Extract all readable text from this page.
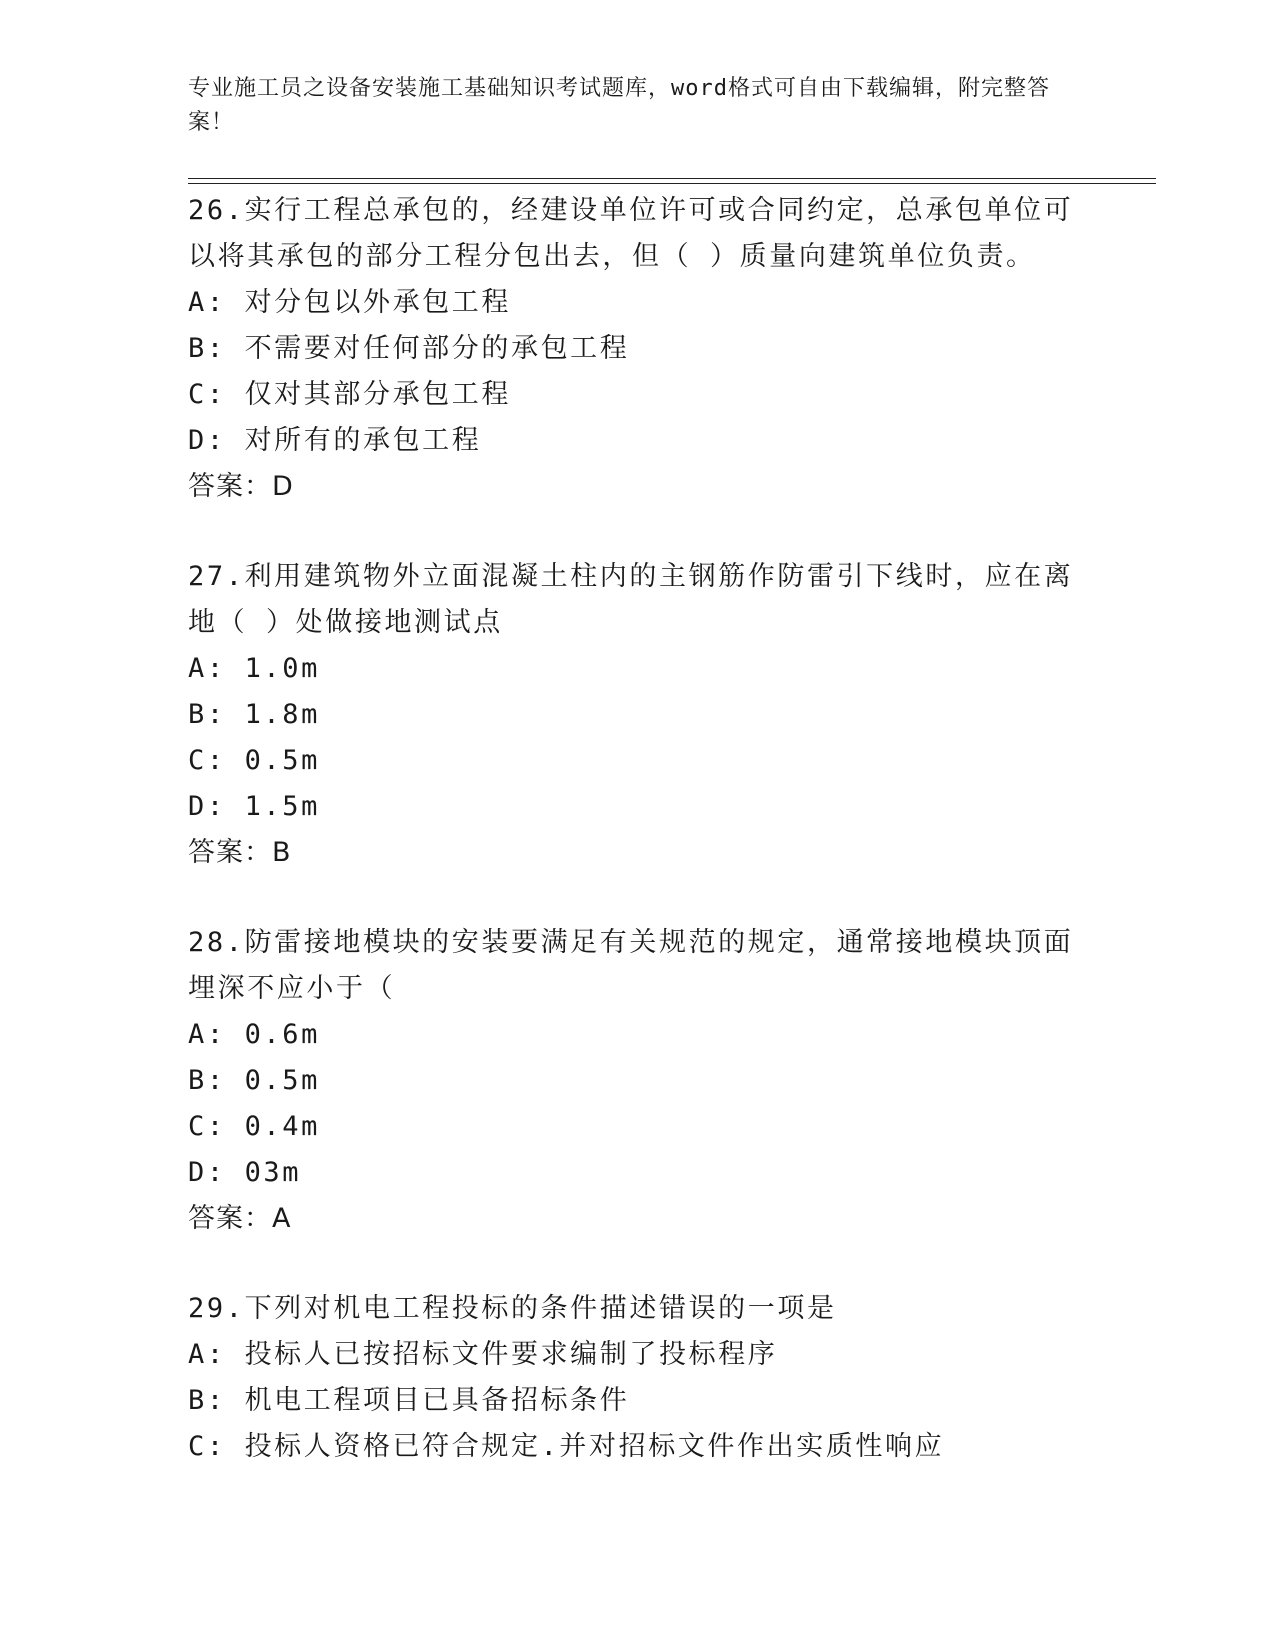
专业施工员之设备安装施工基础知识考试题库，word格式可自由下载编辑，附完整答案！

26.实行工程总承包的，经建设单位许可或合同约定，总承包单位可以将其承包的部分工程分包出去，但（ ）质量向建筑单位负责。

A: 对分包以外承包工程

B: 不需要对任何部分的承包工程

C: 仅对其部分承包工程

D: 对所有的承包工程

答案：D

27.利用建筑物外立面混凝土柱内的主钢筋作防雷引下线时，应在离地（ ）处做接地测试点

A: 1.0m

B: 1.8m

C: 0.5m

D: 1.5m

答案：B

28.防雷接地模块的安装要满足有关规范的规定，通常接地模块顶面埋深不应小于（

A: 0.6m

B: 0.5m

C: 0.4m

D: 03m

答案：A

29.下列对机电工程投标的条件描述错误的一项是

A: 投标人已按招标文件要求编制了投标程序

B: 机电工程项目已具备招标条件

C: 投标人资格已符合规定.并对招标文件作出实质性响应
